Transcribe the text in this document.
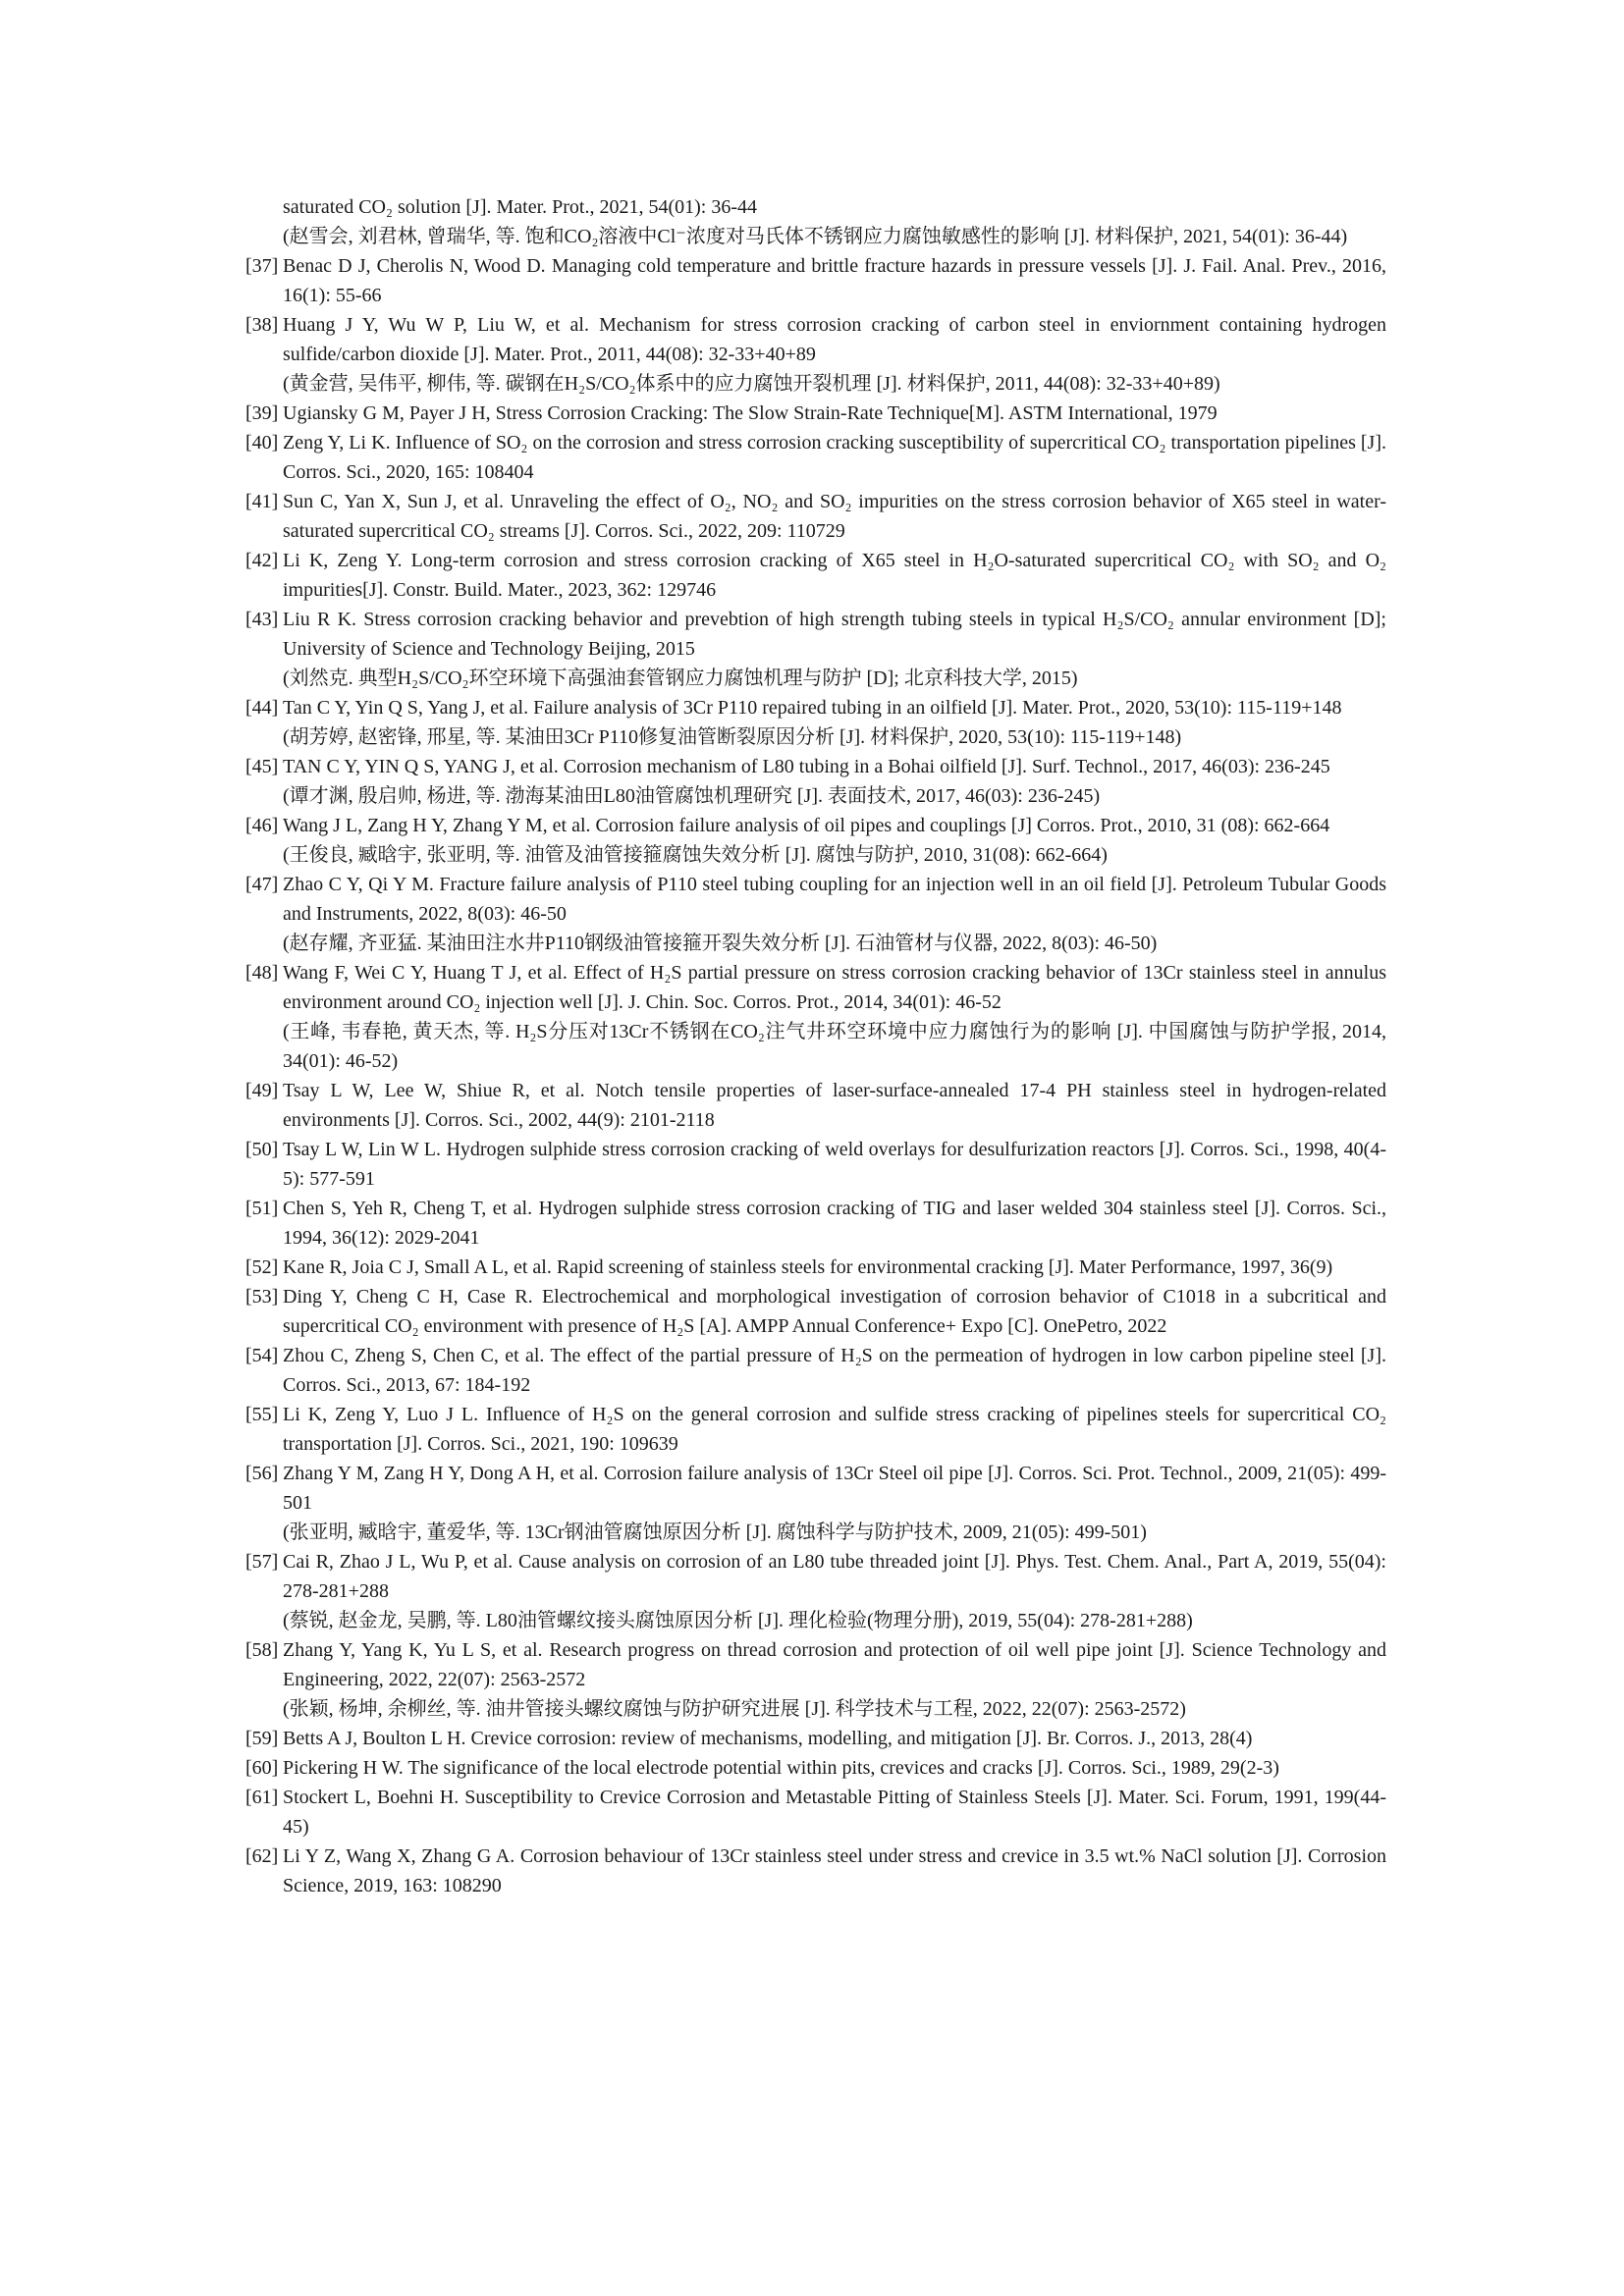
saturated CO₂ solution [J]. Mater. Prot., 2021, 54(01): 36-44
(赵雪会, 刘君林, 曾瑞华, 等. 饱和CO₂溶液中Cl⁻浓度对马氏体不锈钢应力腐蚀敏感性的影响 [J]. 材料保护, 2021, 54(01): 36-44)
[37] Benac D J, Cherolis N, Wood D. Managing cold temperature and brittle fracture hazards in pressure vessels [J]. J. Fail. Anal. Prev., 2016, 16(1): 55-66
[38] Huang J Y, Wu W P, Liu W, et al. Mechanism for stress corrosion cracking of carbon steel in enviornment containing hydrogen sulfide/carbon dioxide [J]. Mater. Prot., 2011, 44(08): 32-33+40+89
(黄金营, 吴伟平, 柳伟, 等. 碳钢在H₂S/CO₂体系中的应力腐蚀开裂机理 [J]. 材料保护, 2011, 44(08): 32-33+40+89)
[39] Ugiansky G M, Payer J H, Stress Corrosion Cracking: The Slow Strain-Rate Technique[M]. ASTM International, 1979
[40] Zeng Y, Li K. Influence of SO₂ on the corrosion and stress corrosion cracking susceptibility of supercritical CO₂ transportation pipelines [J]. Corros. Sci., 2020, 165: 108404
[41] Sun C, Yan X, Sun J, et al. Unraveling the effect of O₂, NO₂ and SO₂ impurities on the stress corrosion behavior of X65 steel in water-saturated supercritical CO₂ streams [J]. Corros. Sci., 2022, 209: 110729
[42] Li K, Zeng Y. Long-term corrosion and stress corrosion cracking of X65 steel in H₂O-saturated supercritical CO₂ with SO₂ and O₂ impurities[J]. Constr. Build. Mater., 2023, 362: 129746
[43] Liu R K. Stress corrosion cracking behavior and prevebtion of high strength tubing steels in typical H₂S/CO₂ annular environment [D]; University of Science and Technology Beijing, 2015
(刘然克. 典型H₂S/CO₂环空环境下高强油套管钢应力腐蚀机理与防护 [D]; 北京科技大学, 2015)
[44] Tan C Y, Yin Q S, Yang J, et al. Failure analysis of 3Cr P110 repaired tubing in an oilfield [J]. Mater. Prot., 2020, 53(10): 115-119+148
(胡芳婷, 赵密锋, 邢星, 等. 某油田3Cr P110修复油管断裂原因分析 [J]. 材料保护, 2020, 53(10): 115-119+148)
[45] TAN C Y, YIN Q S, YANG J, et al. Corrosion mechanism of L80 tubing in a Bohai oilfield [J]. Surf. Technol., 2017, 46(03): 236-245
(谭才渊, 殷启帅, 杨进, 等. 渤海某油田L80油管腐蚀机理研究 [J]. 表面技术, 2017, 46(03): 236-245)
[46] Wang J L, Zang H Y, Zhang Y M, et al. Corrosion failure analysis of oil pipes and couplings [J] Corros. Prot., 2010, 31 (08): 662-664
(王俊良, 臧晗宇, 张亚明, 等. 油管及油管接箍腐蚀失效分析 [J]. 腐蚀与防护, 2010, 31(08): 662-664)
[47] Zhao C Y, Qi Y M. Fracture failure analysis of P110 steel tubing coupling for an injection well in an oil field [J]. Petroleum Tubular Goods and Instruments, 2022, 8(03): 46-50
(赵存耀, 齐亚猛. 某油田注水井P110钢级油管接箍开裂失效分析 [J]. 石油管材与仪器, 2022, 8(03): 46-50)
[48] Wang F, Wei C Y, Huang T J, et al. Effect of H₂S partial pressure on stress corrosion cracking behavior of 13Cr stainless steel in annulus environment around CO₂ injection well [J]. J. Chin. Soc. Corros. Prot., 2014, 34(01): 46-52
(王峰, 韦春艳, 黄天杰, 等. H₂S分压对13Cr不锈钢在CO₂注气井环空环境中应力腐蚀行为的影响 [J]. 中国腐蚀与防护学报, 2014, 34(01): 46-52)
[49] Tsay L W, Lee W, Shiue R, et al. Notch tensile properties of laser-surface-annealed 17-4 PH stainless steel in hydrogen-related environments [J]. Corros. Sci., 2002, 44(9): 2101-2118
[50] Tsay L W, Lin W L. Hydrogen sulphide stress corrosion cracking of weld overlays for desulfurization reactors [J]. Corros. Sci., 1998, 40(4-5): 577-591
[51] Chen S, Yeh R, Cheng T, et al. Hydrogen sulphide stress corrosion cracking of TIG and laser welded 304 stainless steel [J]. Corros. Sci., 1994, 36(12): 2029-2041
[52] Kane R, Joia C J, Small A L, et al. Rapid screening of stainless steels for environmental cracking [J]. Mater Performance, 1997, 36(9)
[53] Ding Y, Cheng C H, Case R. Electrochemical and morphological investigation of corrosion behavior of C1018 in a subcritical and supercritical CO₂ environment with presence of H₂S [A]. AMPP Annual Conference+ Expo [C]. OnePetro, 2022
[54] Zhou C, Zheng S, Chen C, et al. The effect of the partial pressure of H₂S on the permeation of hydrogen in low carbon pipeline steel [J]. Corros. Sci., 2013, 67: 184-192
[55] Li K, Zeng Y, Luo J L. Influence of H₂S on the general corrosion and sulfide stress cracking of pipelines steels for supercritical CO₂ transportation [J]. Corros. Sci., 2021, 190: 109639
[56] Zhang Y M, Zang H Y, Dong A H, et al. Corrosion failure analysis of 13Cr Steel oil pipe [J]. Corros. Sci. Prot. Technol., 2009, 21(05): 499-501
(张亚明, 臧晗宇, 董爱华, 等. 13Cr钢油管腐蚀原因分析 [J]. 腐蚀科学与防护技术, 2009, 21(05): 499-501)
[57] Cai R, Zhao J L, Wu P, et al. Cause analysis on corrosion of an L80 tube threaded joint [J]. Phys. Test. Chem. Anal., Part A, 2019, 55(04): 278-281+288
(蔡锐, 赵金龙, 吴鹏, 等. L80油管螺纹接头腐蚀原因分析 [J]. 理化检验(物理分册), 2019, 55(04): 278-281+288)
[58] Zhang Y, Yang K, Yu L S, et al. Research progress on thread corrosion and protection of oil well pipe joint [J]. Science Technology and Engineering, 2022, 22(07): 2563-2572
(张颖, 杨坤, 余柳丝, 等. 油井管接头螺纹腐蚀与防护研究进展 [J]. 科学技术与工程, 2022, 22(07): 2563-2572)
[59] Betts A J, Boulton L H. Crevice corrosion: review of mechanisms, modelling, and mitigation [J]. Br. Corros. J., 2013, 28(4)
[60] Pickering H W. The significance of the local electrode potential within pits, crevices and cracks [J]. Corros. Sci., 1989, 29(2-3)
[61] Stockert L, Boehni H. Susceptibility to Crevice Corrosion and Metastable Pitting of Stainless Steels [J]. Mater. Sci. Forum, 1991, 199(44-45)
[62] Li Y Z, Wang X, Zhang G A. Corrosion behaviour of 13Cr stainless steel under stress and crevice in 3.5 wt.% NaCl solution [J]. Corrosion Science, 2019, 163: 108290
